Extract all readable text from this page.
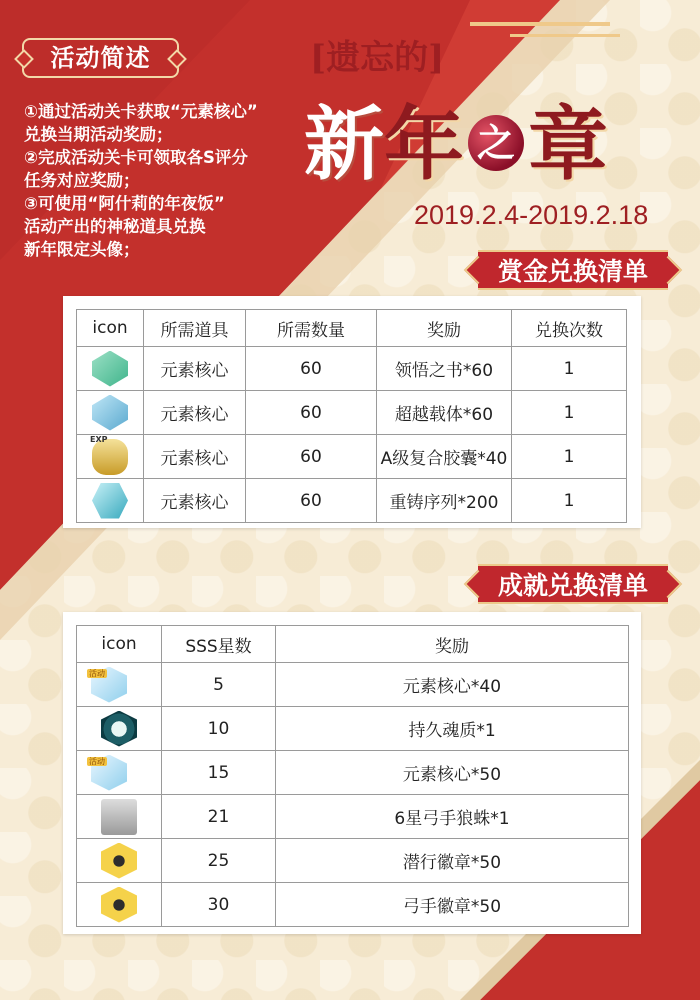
活动简述
①通过活动关卡获取“元素核心”
兑换当期活动奖励；
②完成活动关卡可领取各S评分
任务对应奖励；
③可使用“阿什莉的年夜饭”
活动产出的神秘道具兑换
新年限定头像；
[遗忘的]
新年 之 章
2019.2.4-2019.2.18
赏金兑换清单
icon	所需道具	所需数量	奖励	兑换次数
	元素核心	60	领悟之书*60	1
	元素核心	60	超越载体*60	1

EXP	元素核心	60	A级复合胶囊*40	1
	元素核心	60	重铸序列*200	1
成就兑换清单
icon	SSS星数	奖励
$^{活动}$	5	元素核心*40
	10	持久魂质*1
$^{活动}$	15	元素核心*50
	21	6星弓手狼蛛*1
	25	潜行徽章*50
	30	弓手徽章*50
